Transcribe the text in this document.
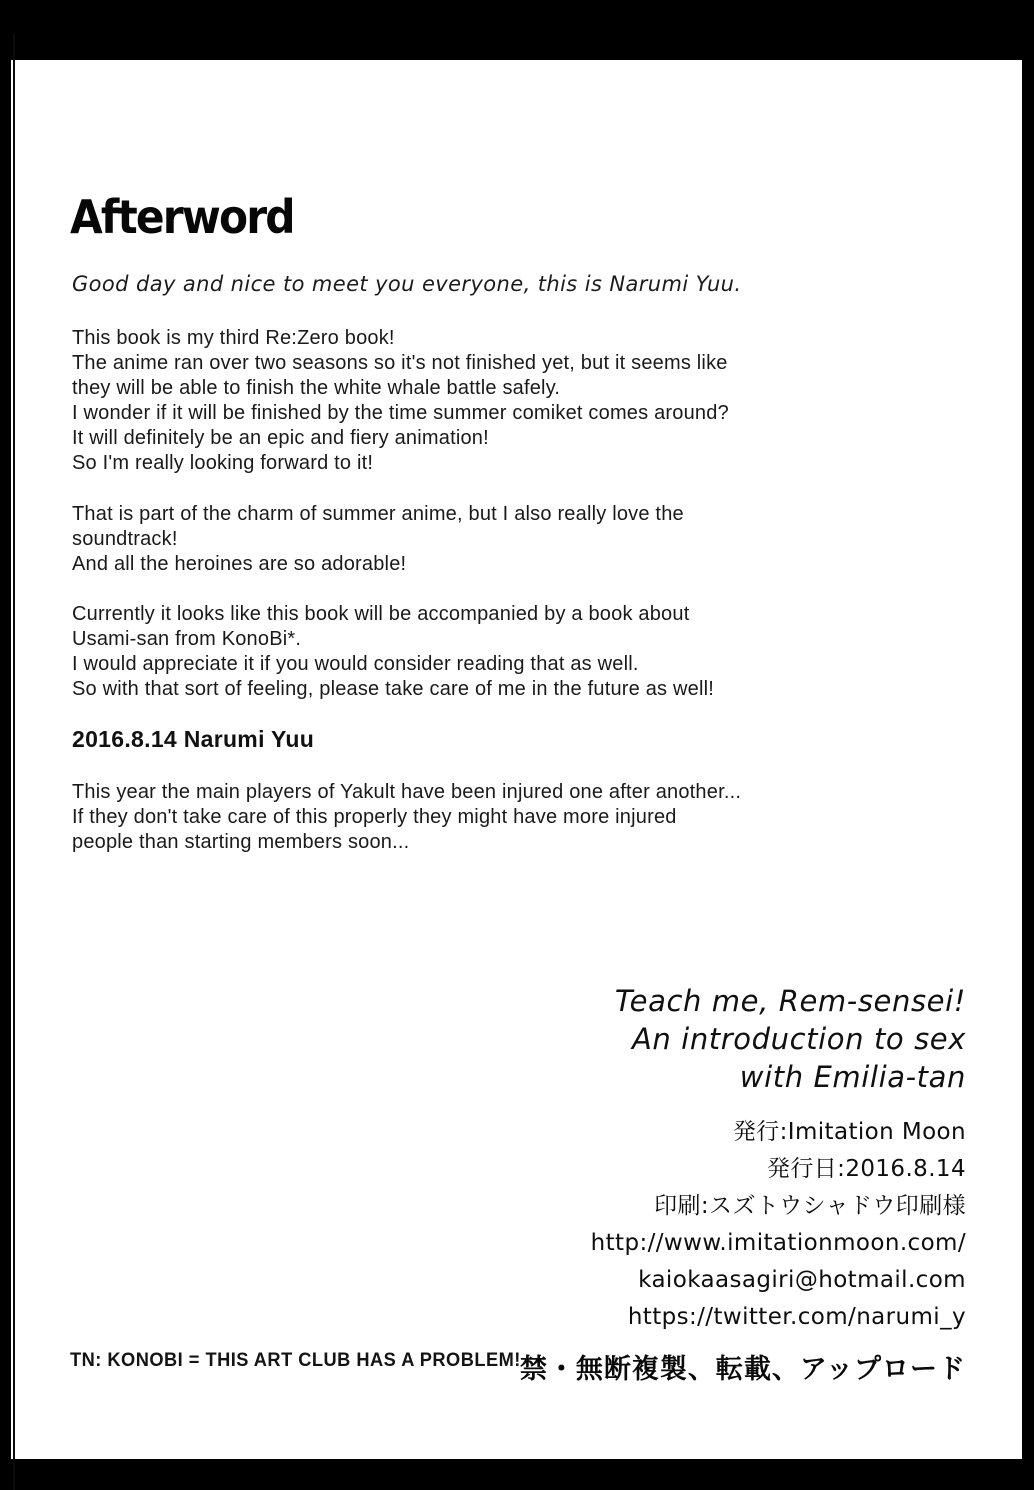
Afterword
Good day and nice to meet you everyone, this is Narumi Yuu.
This book is my third Re:Zero book!
The anime ran over two seasons so it's not finished yet, but it seems like
they will be able to finish the white whale battle safely.
I wonder if it will be finished by the time summer comiket comes around?
It will definitely be an epic and fiery animation!
So I'm really looking forward to it!
That is part of the charm of summer anime, but I also really love the
soundtrack!
And all the heroines are so adorable!
Currently it looks like this book will be accompanied by a book about
Usami-san from KonoBi*.
I would appreciate it if you would consider reading that as well.
So with that sort of feeling, please take care of me in the future as well!
2016.8.14 Narumi Yuu
This year the main players of Yakult have been injured one after another...
If they don't take care of this properly they might have more injured
people than starting members soon...
Teach me, Rem-sensei!
An introduction to sex
with Emilia-tan
発行:Imitation Moon
発行日:2016.8.14
印刷:スズトウシャドウ印刷様
http://www.imitationmoon.com/
kaiokaasagiri@hotmail.com
https://twitter.com/narumi_y
禁・無断複製、転載、アップロード
TN: KONOBI = THIS ART CLUB HAS A PROBLEM!
